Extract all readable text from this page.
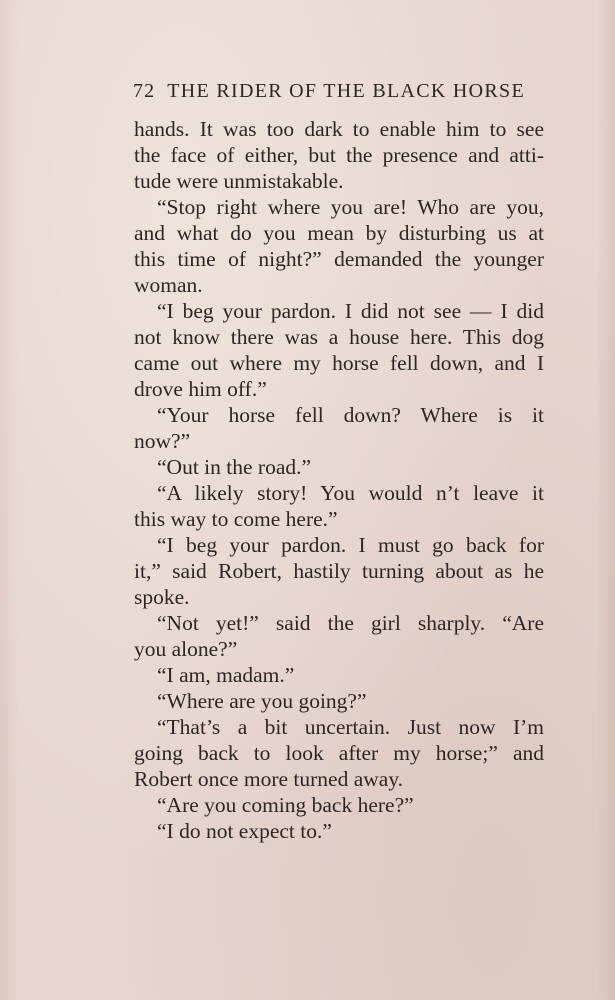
72 THE RIDER OF THE BLACK HORSE
hands. It was too dark to enable him to see
the face of either, but the presence and atti-
tude were unmistakable.
“Stop right where you are! Who are you,
and what do you mean by disturbing us at
this time of night?” demanded the younger
woman.
“I beg your pardon. I did not see — I did
not know there was a house here. This dog
came out where my horse fell down, and I
drove him off.”
“Your horse fell down? Where is it
now?”
“Out in the road.”
“A likely story! You would n’t leave it
this way to come here.”
“I beg your pardon. I must go back for
it,” said Robert, hastily turning about as he
spoke.
“Not yet!” said the girl sharply. “Are
you alone?”
“I am, madam.”
“Where are you going?”
“That’s a bit uncertain. Just now I’m
going back to look after my horse;” and
Robert once more turned away.
“Are you coming back here?”
“I do not expect to.”
